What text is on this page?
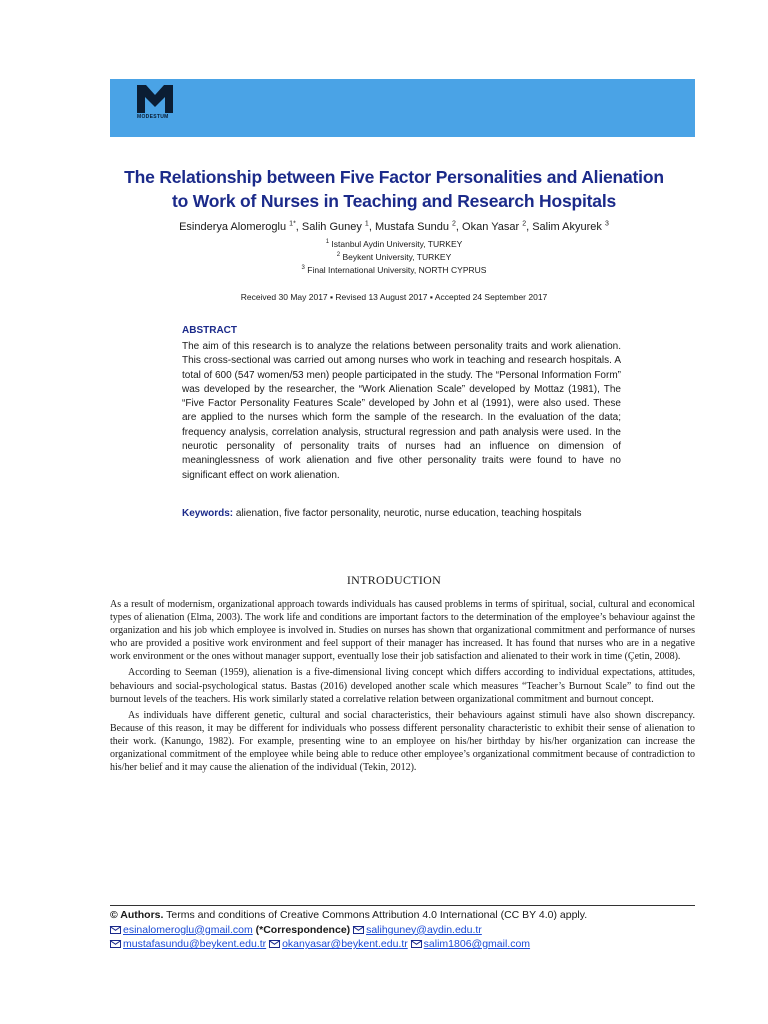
MODESTUM
The Relationship between Five Factor Personalities and Alienation
to Work of Nurses in Teaching and Research Hospitals
Esinderya Alomeroglu $^{1*}$, Salih Guney $^1$, Mustafa Sundu $^2$, Okan Yasar $^2$, Salim Akyurek $^3$
$^1$ Istanbul Aydin University, TURKEY
$^2$ Beykent University, TURKEY
$^3$ Final International University, NORTH CYPRUS
Received 30 May 2017 ▪ Revised 13 August 2017 ▪ Accepted 24 September 2017
ABSTRACT
The aim of this research is to analyze the relations between personality traits and work alienation. This cross-sectional was carried out among nurses who work in teaching and research hospitals. A total of 600 (547 women/53 men) people participated in the study. The “Personal Information Form” was developed by the researcher, the “Work Alienation Scale” developed by Mottaz (1981), The “Five Factor Personality Features Scale” developed by John et al (1991), were also used. These are applied to the nurses which form the sample of the research. In the evaluation of the data; frequency analysis, correlation analysis, structural regression and path analysis were used. In the neurotic personality of personality traits of nurses had an influence on dimension of meaninglessness of work alienation and five other personality traits were found to have no significant effect on work alienation.
Keywords: alienation, five factor personality, neurotic, nurse education, teaching hospitals
INTRODUCTION

As a result of modernism, organizational approach towards individuals has caused problems in terms of spiritual, social, cultural and economical types of alienation (Elma, 2003). The work life and conditions are important factors to the determination of the employee’s behaviour against the organization and his job which employee is involved in. Studies on nurses has shown that organizational commitment and performance of nurses who are provided a positive work environment and feel support of their manager has increased. It has found that nurses who are in a negative work environment or the ones without manager support, eventually lose their job satisfaction and alienated to their work in time (Çetin, 2008).

According to Seeman (1959), alienation is a five-dimensional living concept which differs according to individual expectations, attitudes, behaviours and social-psychological status. Bastas (2016) developed another scale which measures “Teacher’s Burnout Scale” to find out the burnout levels of the teachers. His work similarly stated a correlative relation between organizational commitment and burnout concept.

As individuals have different genetic, cultural and social characteristics, their behaviours against stimuli have also shown discrepancy. Because of this reason, it may be different for individuals who possess different personality characteristic to exhibit their sense of alienation to their work. (Kanungo, 1982). For example, presenting wine to an employee on his/her birthday by his/her organization can increase the organizational commitment of the employee while being able to reduce other employee’s organizational commitment because of contradiction to his/her belief and it may cause the alienation of the individual (Tekin, 2012).

© Authors. Terms and conditions of Creative Commons Attribution 4.0 International (CC BY 4.0) apply.
esinalomeroglu@gmail.com (*Correspondence) salihguney@aydin.edu.tr
mustafasundu@beykent.edu.tr okanyasar@beykent.edu.tr salim1806@gmail.com
